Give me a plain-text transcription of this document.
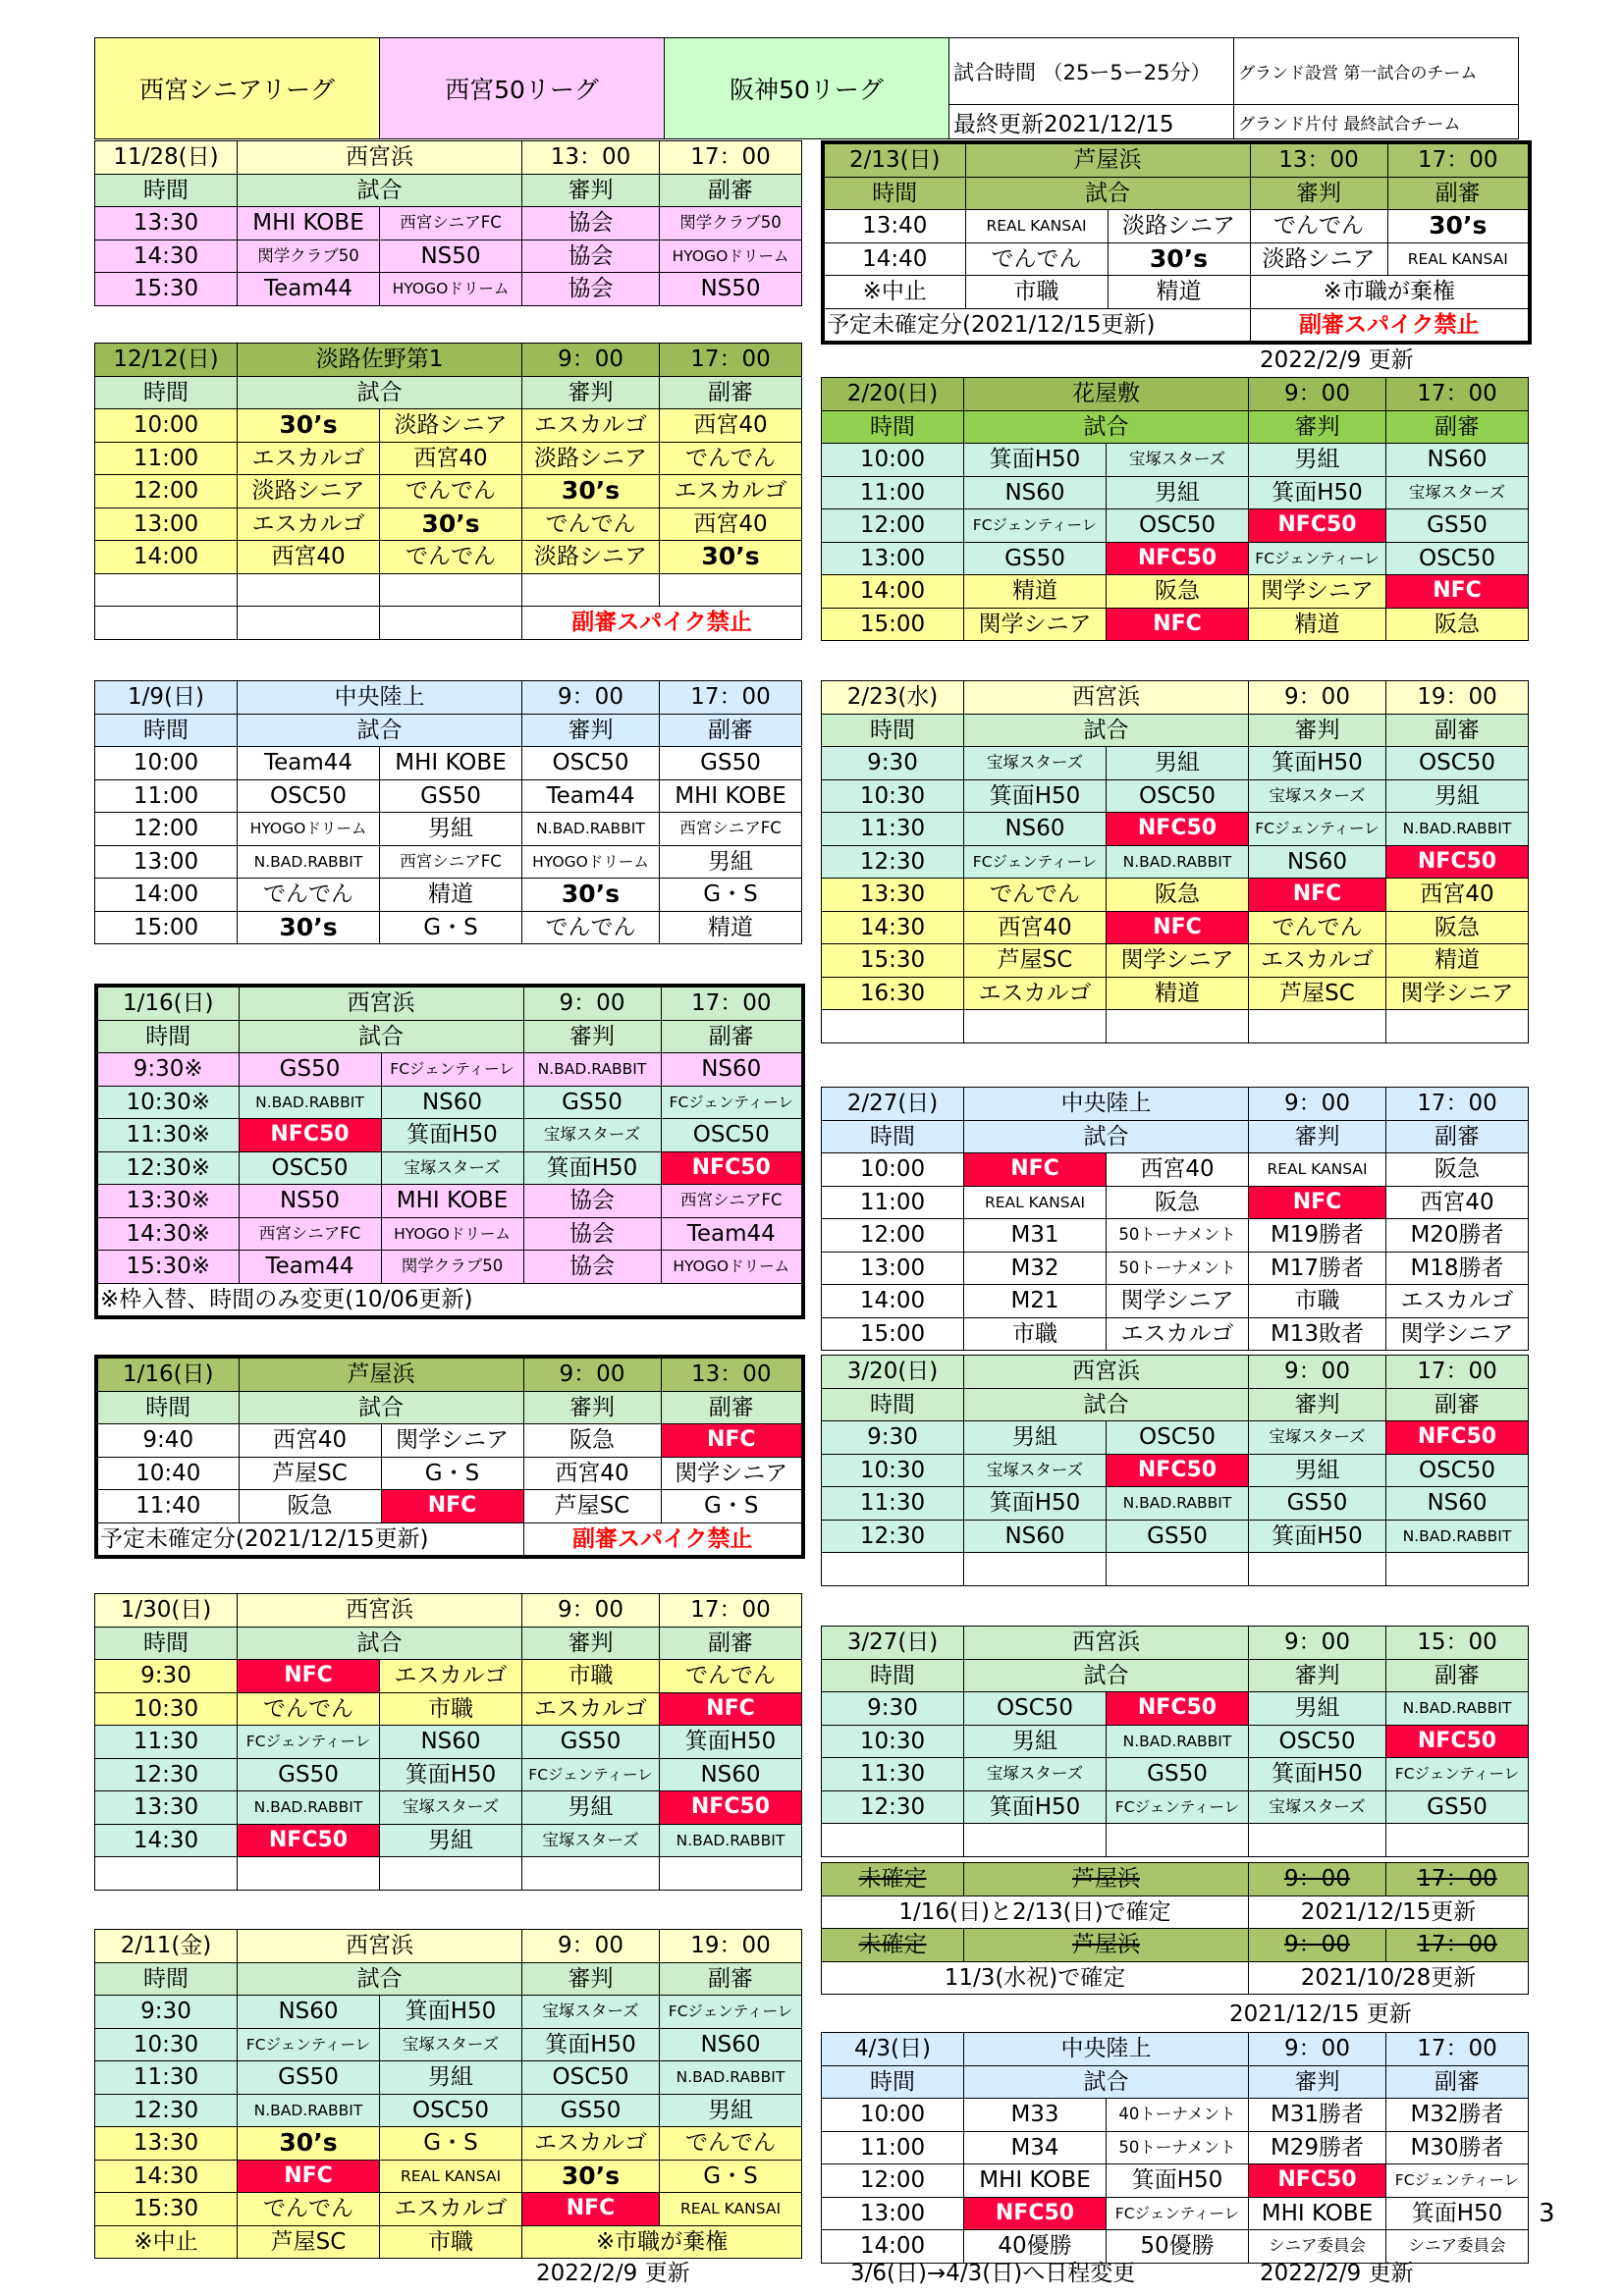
西宮シニアリーグ	西宮50リーグ	阪神50リーグ	試合時間 （25ー5ー25分）	グランド設営 第一試合のチーム
			最終更新2021/12/15	グランド片付 最終試合チーム
11/28(日)	西宮浜		13：00	17：00
時間	試合		審判	副審
13:30	MHI KOBE	西宮シニアFC	協会	関学クラブ50
14:30	関学クラブ50	NS50	協会	HYOGOドリーム
15:30	Team44	HYOGOドリーム	協会	NS50
12/12(日)	淡路佐野第1		9：00	17：00
時間	試合		審判	副審
10:00	30’s	淡路シニア	エスカルゴ	西宮40
11:00	エスカルゴ	西宮40	淡路シニア	でんでん
12:00	淡路シニア	でんでん	30’s	エスカルゴ
13:00	エスカルゴ	30’s	でんでん	西宮40
14:00	西宮40	でんでん	淡路シニア	30’s

			副審スパイク禁止	
1/9(日)	中央陸上		9：00	17：00
時間	試合		審判	副審
10:00	Team44	MHI KOBE	OSC50	GS50
11:00	OSC50	GS50	Team44	MHI KOBE
12:00	HYOGOドリーム	男組	N.BAD.RABBIT	西宮シニアFC
13:00	N.BAD.RABBIT	西宮シニアFC	HYOGOドリーム	男組
14:00	でんでん	精道	30’s	G・S
15:00	30’s	G・S	でんでん	精道
1/16(日)	西宮浜		9：00	17：00
時間	試合		審判	副審
9:30※	GS50	FCジェンティーレ	N.BAD.RABBIT	NS60
10:30※	N.BAD.RABBIT	NS60	GS50	FCジェンティーレ
11:30※	NFC50	箕面H50	宝塚スターズ	OSC50
12:30※	OSC50	宝塚スターズ	箕面H50	NFC50
13:30※	NS50	MHI KOBE	協会	西宮シニアFC
14:30※	西宮シニアFC	HYOGOドリーム	協会	Team44
15:30※	Team44	関学クラブ50	協会	HYOGOドリーム
※枠入替、時間のみ変更(10/06更新)				
1/16(日)	芦屋浜		9：00	13：00
時間	試合		審判	副審
9:40	西宮40	関学シニア	阪急	NFC
10:40	芦屋SC	G・S	西宮40	関学シニア
11:40	阪急	NFC	芦屋SC	G・S
予定未確定分(2021/12/15更新)			副審スパイク禁止	
1/30(日)	西宮浜		9：00	17：00
時間	試合		審判	副審
9:30	NFC	エスカルゴ	市職	でんでん
10:30	でんでん	市職	エスカルゴ	NFC
11:30	FCジェンティーレ	NS60	GS50	箕面H50
12:30	GS50	箕面H50	FCジェンティーレ	NS60
13:30	N.BAD.RABBIT	宝塚スターズ	男組	NFC50
14:30	NFC50	男組	宝塚スターズ	N.BAD.RABBIT

2/11(金)	西宮浜		9：00	19：00
時間	試合		審判	副審
9:30	NS60	箕面H50	宝塚スターズ	FCジェンティーレ
10:30	FCジェンティーレ	宝塚スターズ	箕面H50	NS60
11:30	GS50	男組	OSC50	N.BAD.RABBIT
12:30	N.BAD.RABBIT	OSC50	GS50	男組
13:30	30’s	G・S	エスカルゴ	でんでん
14:30	NFC	REAL KANSAI	30’s	G・S
15:30	でんでん	エスカルゴ	NFC	REAL KANSAI
※中止	芦屋SC	市職	※市職が棄権	
2/13(日)	芦屋浜		13：00	17：00
時間	試合		審判	副審
13:40	REAL KANSAI	淡路シニア	でんでん	30’s
14:40	でんでん	30’s	淡路シニア	REAL KANSAI
※中止	市職	精道	※市職が棄権	
予定未確定分(2021/12/15更新)			副審スパイク禁止	
2/20(日)	花屋敷		9：00	17：00
時間	試合		審判	副審
10:00	箕面H50	宝塚スターズ	男組	NS60
11:00	NS60	男組	箕面H50	宝塚スターズ
12:00	FCジェンティーレ	OSC50	NFC50	GS50
13:00	GS50	NFC50	FCジェンティーレ	OSC50
14:00	精道	阪急	関学シニア	NFC
15:00	関学シニア	NFC	精道	阪急
2/23(水)	西宮浜		9：00	19：00
時間	試合		審判	副審
9:30	宝塚スターズ	男組	箕面H50	OSC50
10:30	箕面H50	OSC50	宝塚スターズ	男組
11:30	NS60	NFC50	FCジェンティーレ	N.BAD.RABBIT
12:30	FCジェンティーレ	N.BAD.RABBIT	NS60	NFC50
13:30	でんでん	阪急	NFC	西宮40
14:30	西宮40	NFC	でんでん	阪急
15:30	芦屋SC	関学シニア	エスカルゴ	精道
16:30	エスカルゴ	精道	芦屋SC	関学シニア

2/27(日)	中央陸上		9：00	17：00
時間	試合		審判	副審
10:00	NFC	西宮40	REAL KANSAI	阪急
11:00	REAL KANSAI	阪急	NFC	西宮40
12:00	M31	50トーナメント	M19勝者	M20勝者
13:00	M32	50トーナメント	M17勝者	M18勝者
14:00	M21	関学シニア	市職	エスカルゴ
15:00	市職	エスカルゴ	M13敗者	関学シニア
3/20(日)	西宮浜		9：00	17：00
時間	試合		審判	副審
9:30	男組	OSC50	宝塚スターズ	NFC50
10:30	宝塚スターズ	NFC50	男組	OSC50
11:30	箕面H50	N.BAD.RABBIT	GS50	NS60
12:30	NS60	GS50	箕面H50	N.BAD.RABBIT

3/27(日)	西宮浜		9：00	15：00
時間	試合		審判	副審
9:30	OSC50	NFC50	男組	N.BAD.RABBIT
10:30	男組	N.BAD.RABBIT	OSC50	NFC50
11:30	宝塚スターズ	GS50	箕面H50	FCジェンティーレ
12:30	箕面H50	FCジェンティーレ	宝塚スターズ	GS50

未確定	芦屋浜	9：00	17：00
1/16(日)と2/13(日)で確定		2021/12/15更新	
未確定	芦屋浜	9：00	17：00
11/3(水祝)で確定		2021/10/28更新	
4/3(日)	中央陸上		9：00	17：00
時間	試合		審判	副審
10:00	M33	40トーナメント	M31勝者	M32勝者
11:00	M34	50トーナメント	M29勝者	M30勝者
12:00	MHI KOBE	箕面H50	NFC50	FCジェンティーレ
13:00	NFC50	FCジェンティーレ	MHI KOBE	箕面H50
14:00	40優勝	50優勝	シニア委員会	シニア委員会
3
2022/2/9 更新
2022/2/9 更新
2021/12/15 更新
3/6(日)→4/3(日)へ日程変更	2022/2/9 更新
